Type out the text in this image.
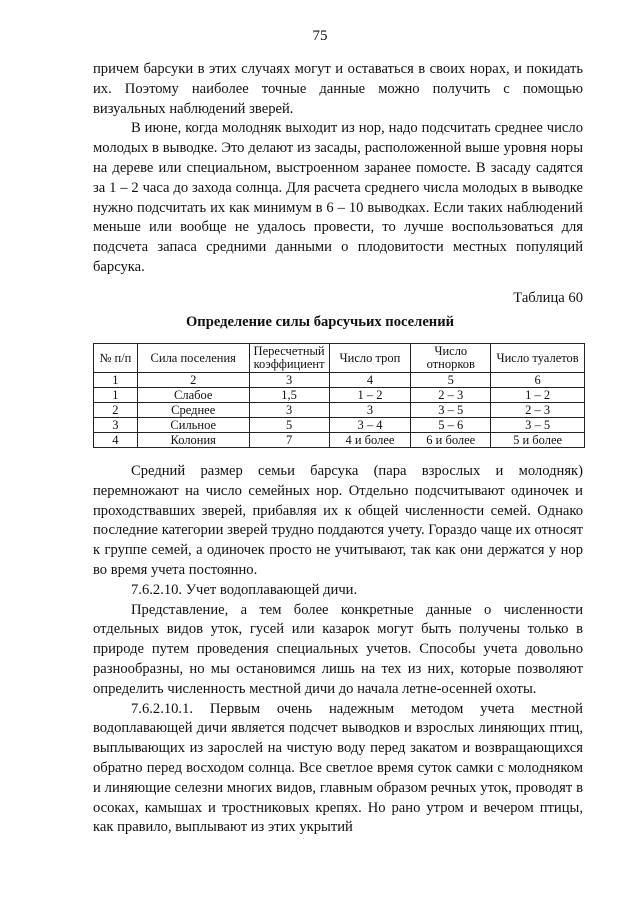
75

причем барсуки в этих случаях могут и оставаться в своих норах, и покидать их. Поэтому наиболее точные данные можно получить с помощью визуальных наблюдений зверей.

В июне, когда молодняк выходит из нор, надо подсчитать среднее число молодых в выводке. Это делают из засады, расположенной выше уровня норы на дереве или специальном, выстроенном заранее помосте. В засаду садятся за 1 – 2 часа до захода солнца. Для расчета среднего числа молодых в выводке нужно подсчитать их как минимум в 6 – 10 выводках. Если таких наблюдений меньше или вообще не удалось провести, то лучше воспользоваться для подсчета запаса средними данными о плодовитости местных популяций барсука.

Таблица 60
Определение силы барсучьих поселений
№ п/п	Сила поселения	Пересчетный коэффициент	Число троп	Число отнорков	Число туалетов
1	2	3	4	5	6
1	Слабое	1,5	1 – 2	2 – 3	1 – 2
2	Среднее	3	3	3 – 5	2 – 3
3	Сильное	5	3 – 4	5 – 6	3 – 5
4	Колония	7	4 и более	6 и более	5 и более

Средний размер семьи барсука (пара взрослых и молодняк) перемножают на число семейных нор. Отдельно подсчитывают одиночек и проходствавших зверей, прибавляя их к общей численности семей. Однако последние категории зверей трудно поддаются учету. Гораздо чаще их относят к группе семей, а одиночек просто не учитывают, так как они держатся у нор во время учета постоянно.

7.6.2.10. Учет водоплавающей дичи.

Представление, а тем более конкретные данные о численности отдельных видов уток, гусей или казарок могут быть получены только в природе путем проведения специальных учетов. Способы учета довольно разнообразны, но мы остановимся лишь на тех из них, которые позволяют определить численность местной дичи до начала летне-осенней охоты.

7.6.2.10.1. Первым очень надежным методом учета местной водоплавающей дичи является подсчет выводков и взрослых линяющих птиц, выплывающих из зарослей на чистую воду перед закатом и возвращающихся обратно перед восходом солнца. Все светлое время суток самки с молодняком и линяющие селезни многих видов, главным образом речных уток, проводят в осоках, камышах и тростниковых крепях. Но рано утром и вечером птицы, как правило, выплывают из этих укрытий
